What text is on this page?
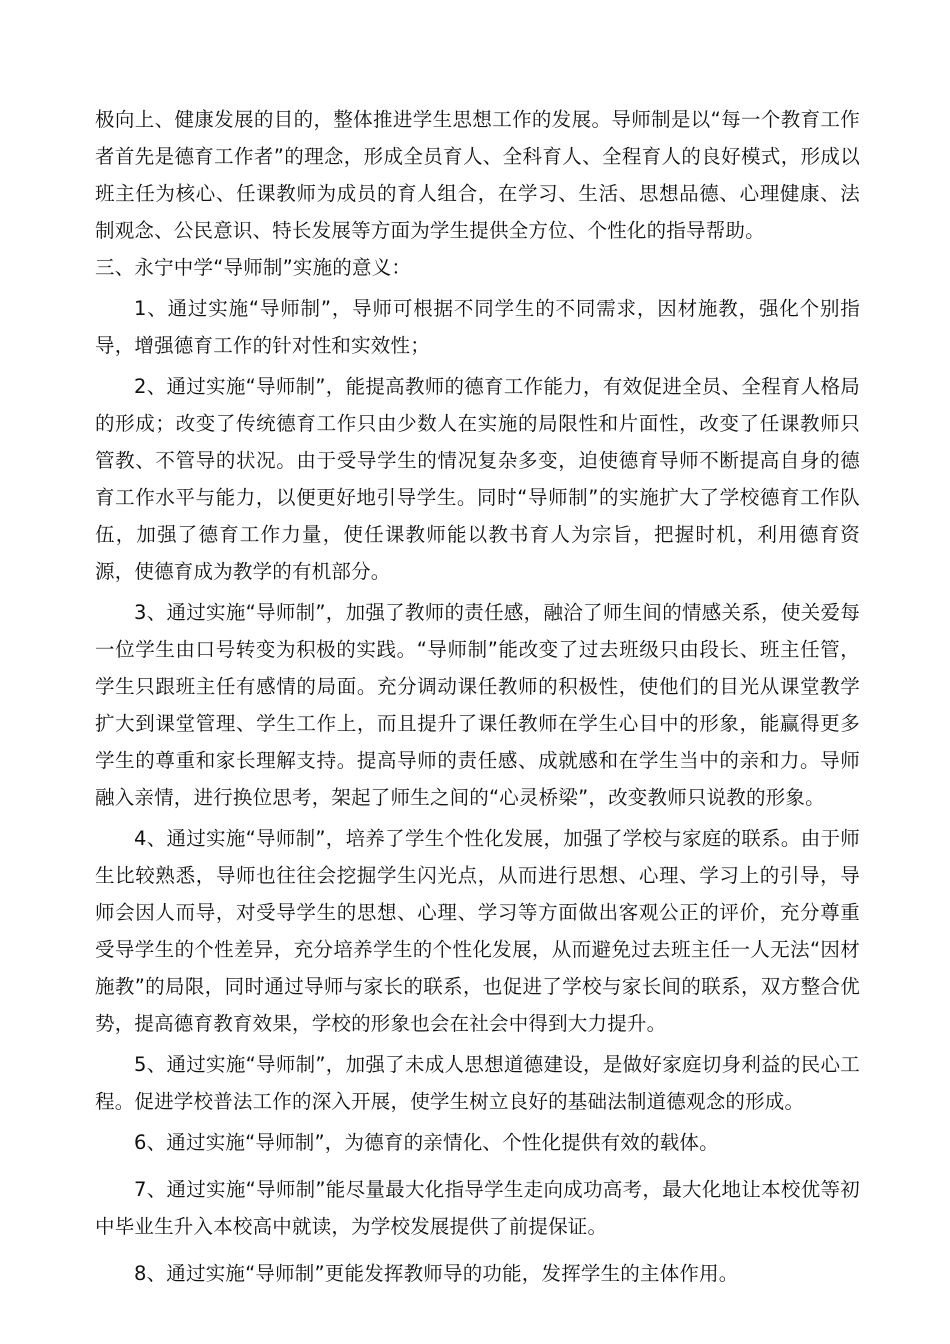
极向上、健康发展的目的，整体推进学生思想工作的发展。导师制是以“每一个教育工作者首先是德育工作者”的理念，形成全员育人、全科育人、全程育人的良好模式，形成以班主任为核心、任课教师为成员的育人组合，在学习、生活、思想品德、心理健康、法制观念、公民意识、特长发展等方面为学生提供全方位、个性化的指导帮助。

三、永宁中学“导师制”实施的意义：

1、通过实施“导师制”，导师可根据不同学生的不同需求，因材施教，强化个别指导，增强德育工作的针对性和实效性；

2、通过实施“导师制”，能提高教师的德育工作能力，有效促进全员、全程育人格局的形成；改变了传统德育工作只由少数人在实施的局限性和片面性，改变了任课教师只管教、不管导的状况。由于受导学生的情况复杂多变，迫使德育导师不断提高自身的德育工作水平与能力，以便更好地引导学生。同时“导师制”的实施扩大了学校德育工作队伍，加强了德育工作力量，使任课教师能以教书育人为宗旨，把握时机，利用德育资源，使德育成为教学的有机部分。

3、通过实施“导师制”，加强了教师的责任感，融洽了师生间的情感关系，使关爱每一位学生由口号转变为积极的实践。“导师制”能改变了过去班级只由段长、班主任管，学生只跟班主任有感情的局面。充分调动课任教师的积极性，使他们的目光从课堂教学扩大到课堂管理、学生工作上，而且提升了课任教师在学生心目中的形象，能赢得更多学生的尊重和家长理解支持。提高导师的责任感、成就感和在学生当中的亲和力。导师融入亲情，进行换位思考，架起了师生之间的“心灵桥梁”，改变教师只说教的形象。

4、通过实施“导师制”，培养了学生个性化发展，加强了学校与家庭的联系。由于师生比较熟悉，导师也往往会挖掘学生闪光点，从而进行思想、心理、学习上的引导，导师会因人而导，对受导学生的思想、心理、学习等方面做出客观公正的评价，充分尊重受导学生的个性差异，充分培养学生的个性化发展，从而避免过去班主任一人无法“因材施教”的局限，同时通过导师与家长的联系，也促进了学校与家长间的联系，双方整合优势，提高德育教育效果，学校的形象也会在社会中得到大力提升。

5、通过实施“导师制”，加强了未成人思想道德建设，是做好家庭切身利益的民心工程。促进学校普法工作的深入开展，使学生树立良好的基础法制道德观念的形成。

6、通过实施“导师制”，为德育的亲情化、个性化提供有效的载体。

7、通过实施“导师制”能尽量最大化指导学生走向成功高考，最大化地让本校优等初中毕业生升入本校高中就读，为学校发展提供了前提保证。

8、通过实施“导师制”更能发挥教师导的功能，发挥学生的主体作用。
